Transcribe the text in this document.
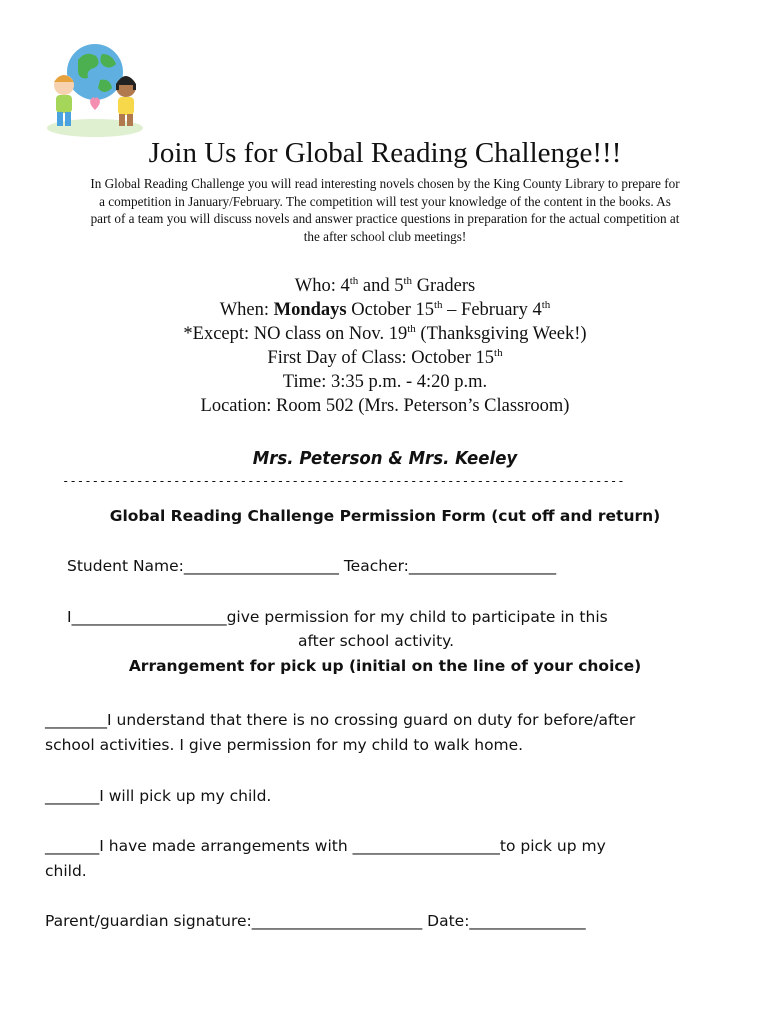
Join Us for Global Reading Challenge!!!
In Global Reading Challenge you will read interesting novels chosen by the King County Library to prepare for
a competition in January/February. The competition will test your knowledge of the content in the books. As
part of a team you will discuss novels and answer practice questions in preparation for the actual competition at
the after school club meetings!
Who: 4th and 5th Graders
When: Mondays October 15th – February 4th
*Except: NO class on Nov. 19th (Thanksgiving Week!)
First Day of Class: October 15th
Time: 3:35 p.m. - 4:20 p.m.
Location: Room 502 (Mrs. Peterson’s Classroom)
Mrs. Peterson & Mrs. Keeley
----------------------------------------------------------------------------
Global Reading Challenge Permission Form (cut off and return)
Student Name:____________________ Teacher:___________________
I____________________give permission for my child to participate in this
after school activity.
Arrangement for pick up (initial on the line of your choice)
________I understand that there is no crossing guard on duty for before/after
school activities. I give permission for my child to walk home.
_______I will pick up my child.
_______I have made arrangements with ___________________to pick up my
child.
Parent/guardian signature:______________________ Date:_______________
